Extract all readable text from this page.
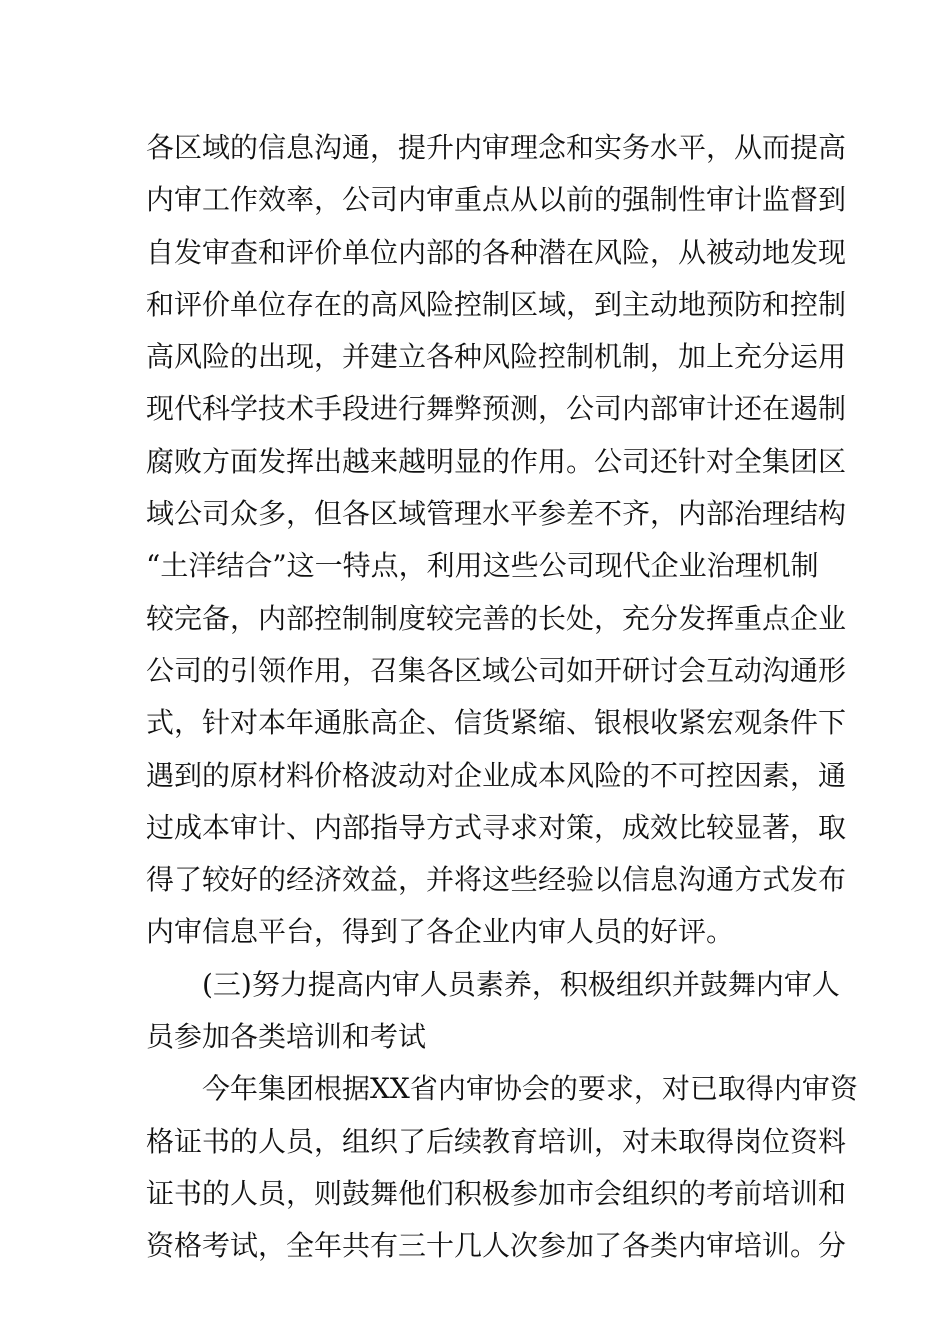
各区域的信息沟通，提升内审理念和实务水平，从而提高
内审工作效率，公司内审重点从以前的强制性审计监督到
自发审查和评价单位内部的各种潜在风险，从被动地发现
和评价单位存在的高风险控制区域，到主动地预防和控制
高风险的出现，并建立各种风险控制机制，加上充分运用
现代科学技术手段进行舞弊预测，公司内部审计还在遏制
腐败方面发挥出越来越明显的作用。公司还针对全集团区
域公司众多，但各区域管理水平参差不齐，内部治理结构
“土洋结合”这一特点，利用这些公司现代企业治理机制
较完备，内部控制制度较完善的长处，充分发挥重点企业
公司的引领作用，召集各区域公司如开研讨会互动沟通形
式，针对本年通胀高企、信货紧缩、银根收紧宏观条件下
遇到的原材料价格波动对企业成本风险的不可控因素，通
过成本审计、内部指导方式寻求对策，成效比较显著，取
得了较好的经济效益，并将这些经验以信息沟通方式发布
内审信息平台，得到了各企业内审人员的好评。
(三)努力提高内审人员素养，积极组织并鼓舞内审人
员参加各类培训和考试
今年集团根据XX省内审协会的要求，对已取得内审资
格证书的人员，组织了后续教育培训，对未取得岗位资料
证书的人员，则鼓舞他们积极参加市会组织的考前培训和
资格考试，全年共有三十几人次参加了各类内审培训。分
